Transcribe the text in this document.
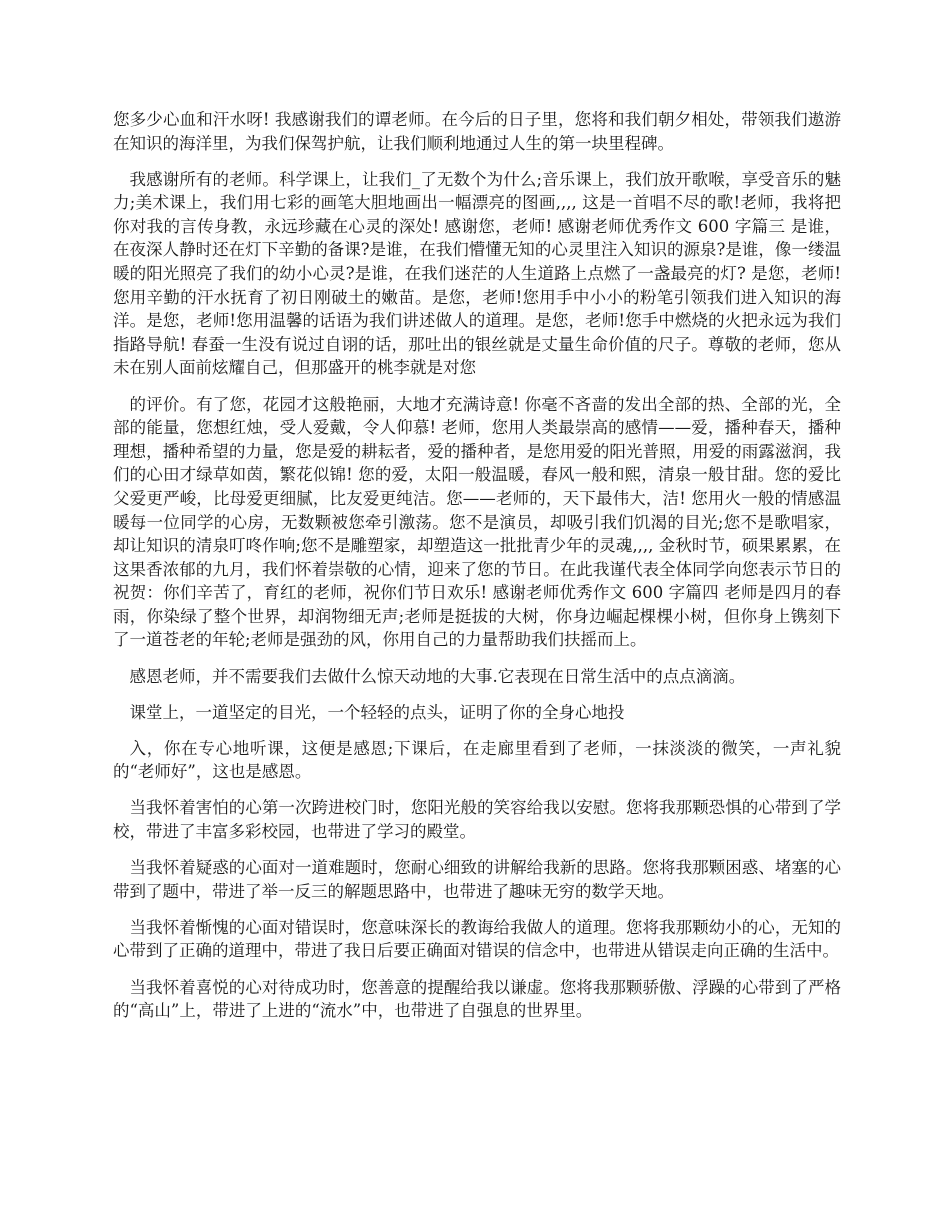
您多少心血和汗水呀! 我感谢我们的谭老师。在今后的日子里，您将和我们朝夕相处，带领我们遨游在知识的海洋里，为我们保驾护航，让我们顺利地通过人生的第一块里程碑。

我感谢所有的老师。科学课上，让我们_了无数个为什么;音乐课上，我们放开歌喉，享受音乐的魅力;美术课上，我们用七彩的画笔大胆地画出一幅漂亮的图画,,,, 这是一首唱不尽的歌!老师，我将把你对我的言传身教，永远珍藏在心灵的深处! 感谢您，老师! 感谢老师优秀作文 600 字篇三 是谁，在夜深人静时还在灯下辛勤的备课?是谁，在我们懵懂无知的心灵里注入知识的源泉?是谁，像一缕温暖的阳光照亮了我们的幼小心灵?是谁，在我们迷茫的人生道路上点燃了一盏最亮的灯? 是您，老师!您用辛勤的汗水抚育了初日刚破土的嫩苗。是您，老师!您用手中小小的粉笔引领我们进入知识的海洋。是您，老师!您用温馨的话语为我们讲述做人的道理。是您，老师!您手中燃烧的火把永远为我们指路导航! 春蚕一生没有说过自诩的话，那吐出的银丝就是丈量生命价值的尺子。尊敬的老师，您从未在别人面前炫耀自己，但那盛开的桃李就是对您

的评价。有了您，花园才这般艳丽，大地才充满诗意! 你毫不吝啬的发出全部的热、全部的光，全部的能量，您想红烛，受人爱戴，令人仰慕! 老师，您用人类最崇高的感情——爱，播种春天，播种理想，播种希望的力量，您是爱的耕耘者，爱的播种者，是您用爱的阳光普照，用爱的雨露滋润，我们的心田才绿草如茵，繁花似锦! 您的爱，太阳一般温暖，春风一般和熙，清泉一般甘甜。您的爱比父爱更严峻，比母爱更细腻，比友爱更纯洁。您——老师的，天下最伟大，洁! 您用火一般的情感温暖每一位同学的心房，无数颗被您牵引激荡。您不是演员，却吸引我们饥渴的目光;您不是歌唱家，却让知识的清泉叮咚作响;您不是雕塑家，却塑造这一批批青少年的灵魂,,,, 金秋时节，硕果累累，在这果香浓郁的九月，我们怀着崇敬的心情，迎来了您的节日。在此我谨代表全体同学向您表示节日的祝贺：你们辛苦了，育红的老师，祝你们节日欢乐! 感谢老师优秀作文 600 字篇四 老师是四月的春雨，你染绿了整个世界，却润物细无声;老师是挺拔的大树，你身边崛起棵棵小树，但你身上镌刻下了一道苍老的年轮;老师是强劲的风，你用自己的力量帮助我们扶摇而上。

感恩老师，并不需要我们去做什么惊天动地的大事.它表现在日常生活中的点点滴滴。

课堂上，一道坚定的目光，一个轻轻的点头，证明了你的全身心地投

入，你在专心地听课，这便是感恩;下课后，在走廊里看到了老师，一抹淡淡的微笑，一声礼貌的“老师好”，这也是感恩。

当我怀着害怕的心第一次跨进校门时，您阳光般的笑容给我以安慰。您将我那颗恐惧的心带到了学校，带进了丰富多彩校园，也带进了学习的殿堂。

当我怀着疑惑的心面对一道难题时，您耐心细致的讲解给我新的思路。您将我那颗困惑、堵塞的心带到了题中，带进了举一反三的解题思路中，也带进了趣味无穷的数学天地。

当我怀着惭愧的心面对错误时，您意味深长的教诲给我做人的道理。您将我那颗幼小的心，无知的心带到了正确的道理中，带进了我日后要正确面对错误的信念中，也带进从错误走向正确的生活中。

当我怀着喜悦的心对待成功时，您善意的提醒给我以谦虚。您将我那颗骄傲、浮躁的心带到了严格的“高山”上，带进了上进的“流水”中，也带进了自强息的世界里。
